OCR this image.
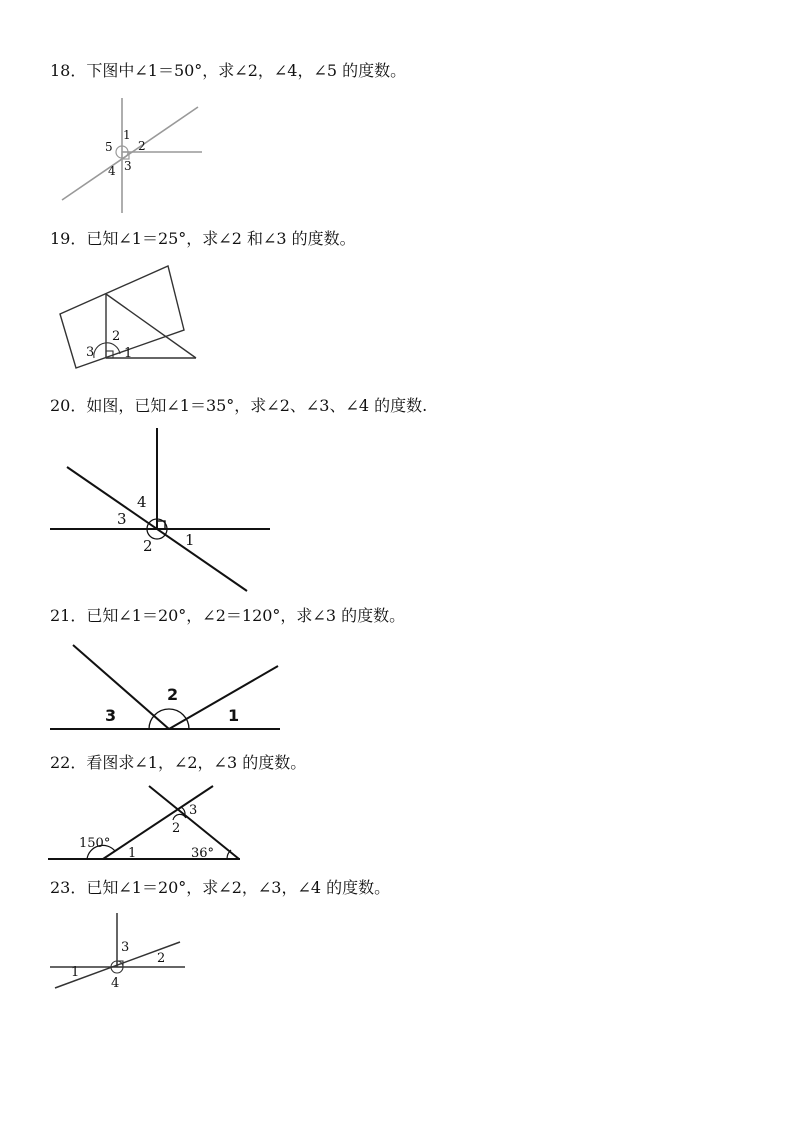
18．下图中∠1＝50°，求∠2，∠4，∠5 的度数。
1
2
3
4
5
19．已知∠1＝25°，求∠2 和∠3 的度数。
1
2
3
20．如图，已知∠1＝35°，求∠2、∠3、∠4 的度数.
1
2
3
4
21．已知∠1＝20°，∠2＝120°，求∠3 的度数。
1
2
3
22．看图求∠1，∠2，∠3 的度数。
1
2
3
150°
36°
23．已知∠1＝20°，求∠2，∠3，∠4 的度数。
1
2
3
4
